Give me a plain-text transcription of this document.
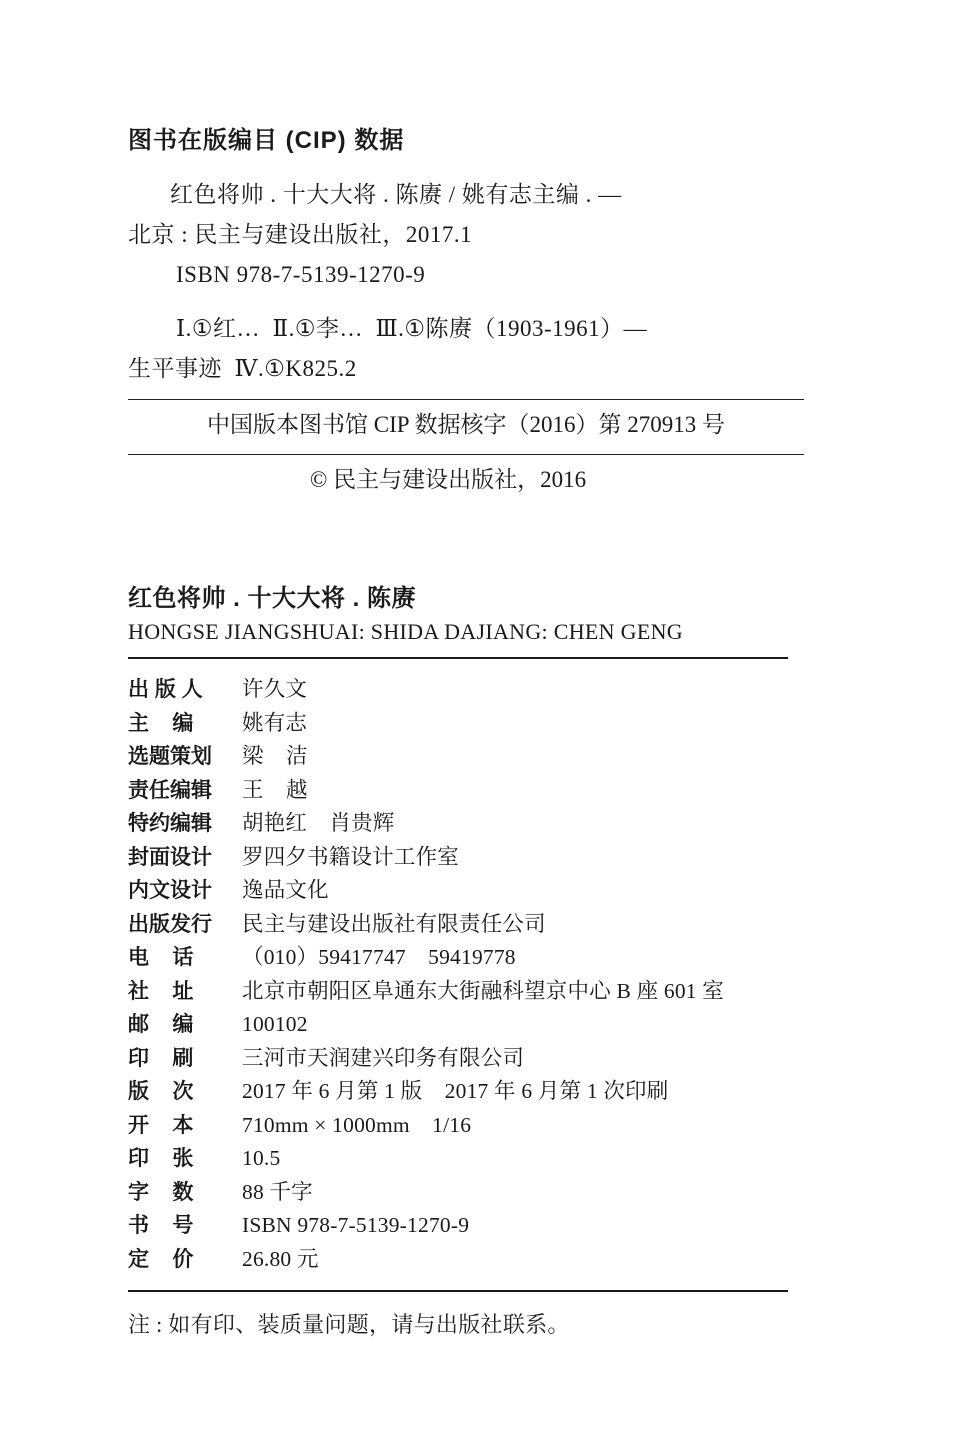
图书在版编目 (CIP) 数据
红色将帅 . 十大大将 . 陈赓 / 姚有志主编 . —
北京 : 民主与建设出版社，2017.1
ISBN 978-7-5139-1270-9
Ⅰ.①红…  Ⅱ.①李…  Ⅲ.①陈赓（1903-1961）—
生平事迹  Ⅳ.①K825.2
中国版本图书馆 CIP 数据核字（2016）第 270913 号
© 民主与建设出版社，2016
红色将帅 . 十大大将 . 陈赓
HONGSE JIANGSHUAI: SHIDA DAJIANG: CHEN GENG
出 版 人	许久文
主    编	姚有志
选题策划	梁    洁
责任编辑	王    越
特约编辑	胡艳红    肖贵辉
封面设计	罗四夕书籍设计工作室
内文设计	逸品文化
出版发行	民主与建设出版社有限责任公司
电    话	（010）59417747    59419778
社    址	北京市朝阳区阜通东大街融科望京中心 B 座 601 室
邮    编	100102
印    刷	三河市天润建兴印务有限公司
版    次	2017 年 6 月第 1 版    2017 年 6 月第 1 次印刷
开    本	710mm × 1000mm    1/16
印    张	10.5
字    数	88 千字
书    号	ISBN 978-7-5139-1270-9
定    价	26.80 元
注 : 如有印、装质量问题，请与出版社联系。
